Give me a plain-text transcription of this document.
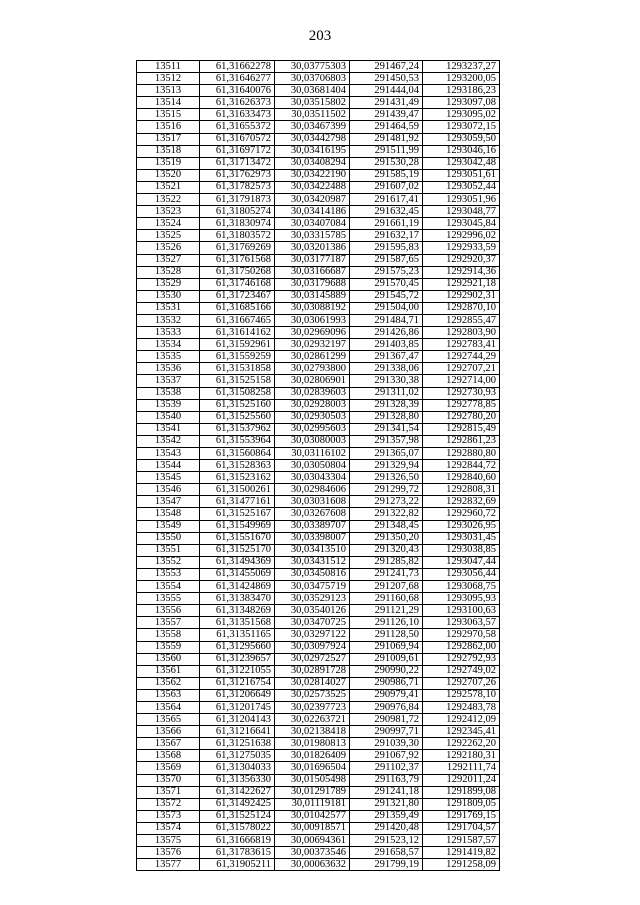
203
13511	61,31662278	30,03775303	291467,24	1293237,27
13512	61,31646277	30,03706803	291450,53	1293200,05
13513	61,31640076	30,03681404	291444,04	1293186,23
13514	61,31626373	30,03515802	291431,49	1293097,08
13515	61,31633473	30,03511502	291439,47	1293095,02
13516	61,31655372	30,03467399	291464,59	1293072,15
13517	61,31670572	30,03442798	291481,92	1293059,50
13518	61,31697172	30,03416195	291511,99	1293046,16
13519	61,31713472	30,03408294	291530,28	1293042,48
13520	61,31762973	30,03422190	291585,19	1293051,61
13521	61,31782573	30,03422488	291607,02	1293052,44
13522	61,31791873	30,03420987	291617,41	1293051,96
13523	61,31805274	30,03414186	291632,45	1293048,77
13524	61,31830974	30,03407084	291661,19	1293045,84
13525	61,31803572	30,03315785	291632,17	1292996,02
13526	61,31769269	30,03201386	291595,83	1292933,59
13527	61,31761568	30,03177187	291587,65	1292920,37
13528	61,31750268	30,03166687	291575,23	1292914,36
13529	61,31746168	30,03179688	291570,45	1292921,18
13530	61,31723467	30,03145889	291545,72	1292902,31
13531	61,31685166	30,03088192	291504,00	1292870,10
13532	61,31667465	30,03061993	291484,71	1292855,47
13533	61,31614162	30,02969096	291426,86	1292803,90
13534	61,31592961	30,02932197	291403,85	1292783,41
13535	61,31559259	30,02861299	291367,47	1292744,29
13536	61,31531858	30,02793800	291338,06	1292707,21
13537	61,31525158	30,02806901	291330,38	1292714,00
13538	61,31508258	30,02839603	291311,02	1292730,93
13539	61,31525160	30,02928003	291328,39	1292778,85
13540	61,31525560	30,02930503	291328,80	1292780,20
13541	61,31537962	30,02995603	291341,54	1292815,49
13542	61,31553964	30,03080003	291357,98	1292861,23
13543	61,31560864	30,03116102	291365,07	1292880,80
13544	61,31528363	30,03050804	291329,94	1292844,72
13545	61,31523162	30,03043304	291326,50	1292840,60
13546	61,31500261	30,02984606	291299,72	1292808,31
13547	61,31477161	30,03031608	291273,22	1292832,69
13548	61,31525167	30,03267608	291322,82	1292960,72
13549	61,31549969	30,03389707	291348,45	1293026,95
13550	61,31551670	30,03398007	291350,20	1293031,45
13551	61,31525170	30,03413510	291320,43	1293038,85
13552	61,31494369	30,03431512	291285,82	1293047,44
13553	61,31455069	30,03450816	291241,73	1293056,44
13554	61,31424869	30,03475719	291207,68	1293068,75
13555	61,31383470	30,03529123	291160,68	1293095,93
13556	61,31348269	30,03540126	291121,29	1293100,63
13557	61,31351568	30,03470725	291126,10	1293063,57
13558	61,31351165	30,03297122	291128,50	1292970,58
13559	61,31295660	30,03097924	291069,94	1292862,00
13560	61,31239657	30,02972527	291009,61	1292792,93
13561	61,31221055	30,02891728	290990,22	1292749,02
13562	61,31216754	30,02814027	290986,71	1292707,26
13563	61,31206649	30,02573525	290979,41	1292578,10
13564	61,31201745	30,02397723	290976,84	1292483,78
13565	61,31204143	30,02263721	290981,72	1292412,09
13566	61,31216641	30,02138418	290997,71	1292345,41
13567	61,31251638	30,01980813	291039,30	1292262,20
13568	61,31275035	30,01826409	291067,92	1292180,31
13569	61,31304033	30,01696504	291102,37	1292111,74
13570	61,31356330	30,01505498	291163,79	1292011,24
13571	61,31422627	30,01291789	291241,18	1291899,08
13572	61,31492425	30,01119181	291321,80	1291809,05
13573	61,31525124	30,01042577	291359,49	1291769,15
13574	61,31578022	30,00918571	291420,48	1291704,57
13575	61,31666819	30,00694361	291523,12	1291587,57
13576	61,31783615	30,00373546	291658,57	1291419,82
13577	61,31905211	30,00063632	291799,19	1291258,09
